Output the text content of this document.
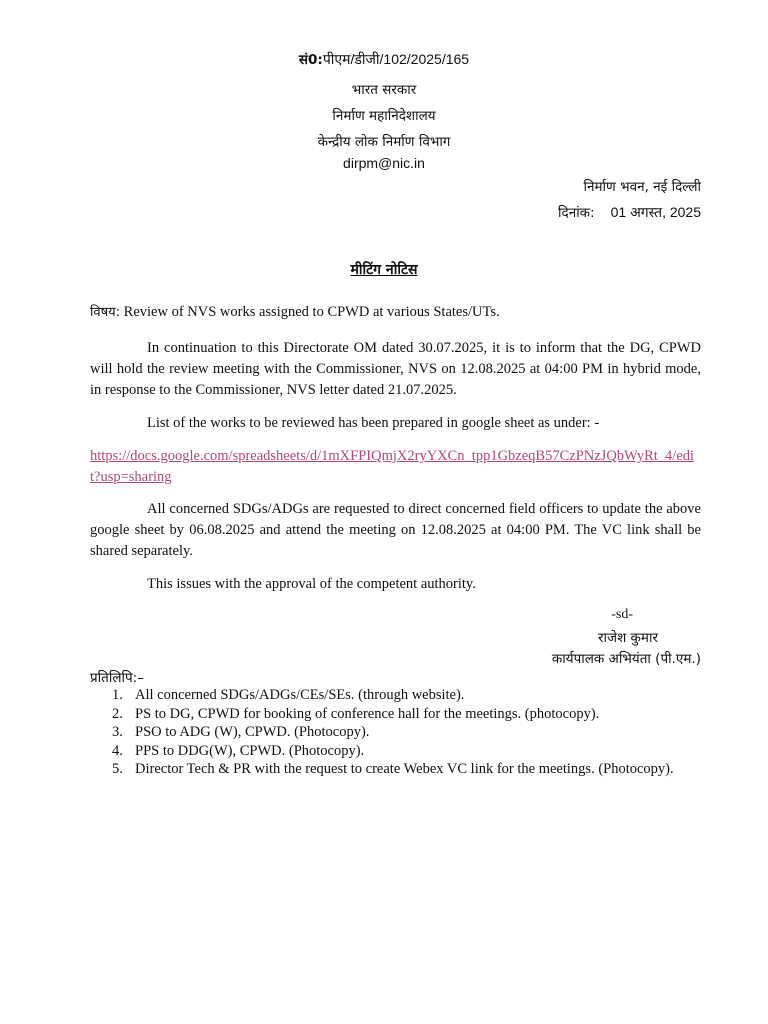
सं0:पीएम/डीजी/102/2025/165
भारत सरकार
निर्माण महानिदेशालय
केन्द्रीय लोक निर्माण विभाग
dirpm@nic.in
निर्माण भवन, नई दिल्ली
दिनांक: 01 अगस्त, 2025
मीटिंग नोटिस
विषय: Review of NVS works assigned to CPWD at various States/UTs.
In continuation to this Directorate OM dated 30.07.2025, it is to inform that the DG, CPWD will hold the review meeting with the Commissioner, NVS on 12.08.2025 at 04:00 PM in hybrid mode, in response to the Commissioner, NVS letter dated 21.07.2025.
List of the works to be reviewed has been prepared in google sheet as under: -
https://docs.google.com/spreadsheets/d/1mXFPIQmjX2ryYXCn_tpp1GbzeqB57CzPNzJQbWyRt_4/edit?usp=sharing
All concerned SDGs/ADGs are requested to direct concerned field officers to update the above google sheet by 06.08.2025 and attend the meeting on 12.08.2025 at 04:00 PM. The VC link shall be shared separately.
This issues with the approval of the competent authority.
-sd-
राजेश कुमार
कार्यपालक अभियंता (पी.एम.)
प्रतिलिपि:–
1. All concerned SDGs/ADGs/CEs/SEs. (through website).
2. PS to DG, CPWD for booking of conference hall for the meetings. (photocopy).
3. PSO to ADG (W), CPWD. (Photocopy).
4. PPS to DDG(W), CPWD. (Photocopy).
5. Director Tech & PR with the request to create Webex VC link for the meetings. (Photocopy).
